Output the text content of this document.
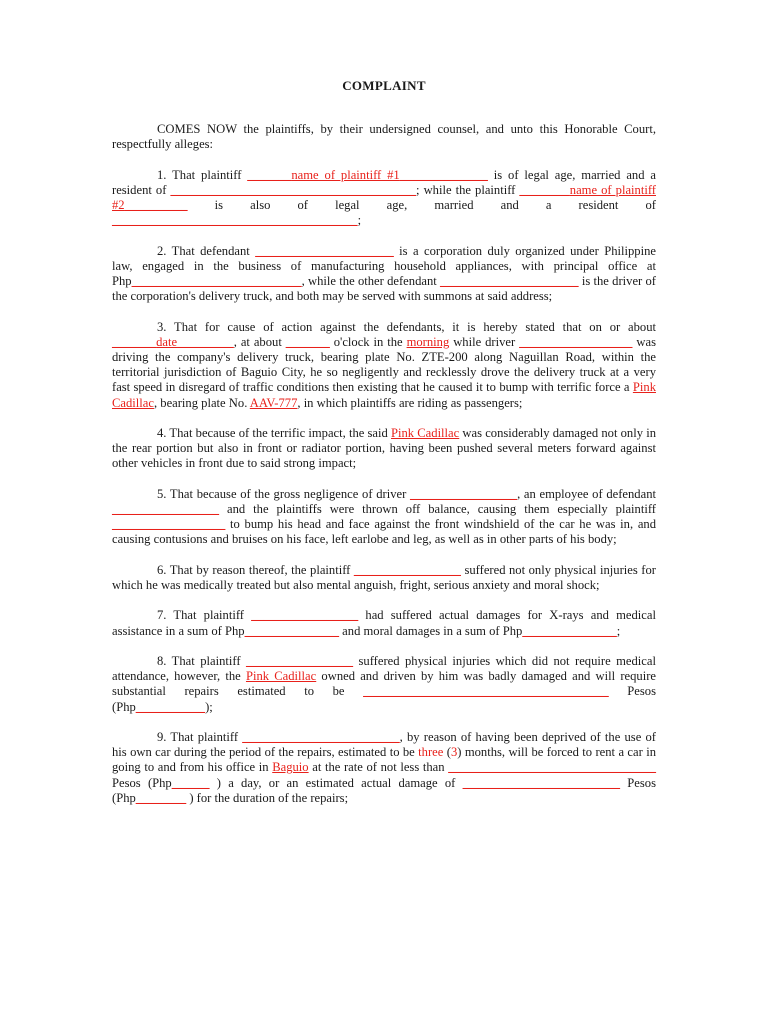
COMPLAINT

COMES NOW the plaintiffs, by their undersigned counsel, and unto this Honorable Court, respectfully alleges:

1. That plaintiff _______name of plaintiff #1______________ is of legal age, married and a resident of _______________________________________; while the plaintiff ________name of plaintiff #2__________ is also of legal age, married and a resident of _______________________________________;

2. That defendant ______________________ is a corporation duly organized under Philippine law, engaged in the business of manufacturing household appliances, with principal office at Php___________________________, while the other defendant ______________________ is the driver of the corporation's delivery truck, and both may be served with summons at said address;

3. That for cause of action against the defendants, it is hereby stated that on or about _______date_________, at about _______ o'clock in the morning while driver __________________ was driving the company's delivery truck, bearing plate No. ZTE-200 along Naguillan Road, within the territorial jurisdiction of Baguio City, he so negligently and recklessly drove the delivery truck at a very fast speed in disregard of traffic conditions then existing that he caused it to bump with terrific force a Pink Cadillac, bearing plate No. AAV-777, in which plaintiffs are riding as passengers;

4. That because of the terrific impact, the said Pink Cadillac was considerably damaged not only in the rear portion but also in front or radiator portion, having been pushed several meters forward against other vehicles in front due to said strong impact;

5. That because of the gross negligence of driver _________________, an employee of defendant _________________ and the plaintiffs were thrown off balance, causing them especially plaintiff __________________ to bump his head and face against the front windshield of the car he was in, and causing contusions and bruises on his face, left earlobe and leg, as well as in other parts of his body;

6. That by reason thereof, the plaintiff _________________ suffered not only physical injuries for which he was medically treated but also mental anguish, fright, serious anxiety and moral shock;

7. That plaintiff _________________ had suffered actual damages for X-rays and medical assistance in a sum of Php_______________ and moral damages in a sum of Php_______________;

8. That plaintiff _________________ suffered physical injuries which did not require medical attendance, however, the Pink Cadillac owned and driven by him was badly damaged and will require substantial repairs estimated to be _______________________________________ Pesos (Php___________);

9. That plaintiff _________________________, by reason of having been deprived of the use of his own car during the period of the repairs, estimated to be three (3) months, will be forced to rent a car in going to and from his office in Baguio at the rate of not less than _________________________________ Pesos (Php______ ) a day, or an estimated actual damage of _________________________ Pesos (Php________ ) for the duration of the repairs;
